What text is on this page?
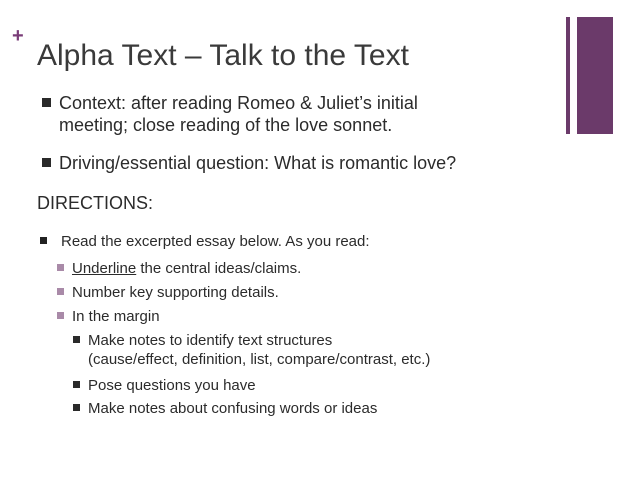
+
Alpha Text – Talk to the Text
Context: after reading Romeo & Juliet’s initial
meeting; close reading of the love sonnet.
Driving/essential question: What is romantic love?
DIRECTIONS:
Read the excerpted essay below. As you read:
Underline the central ideas/claims.
Number key supporting details.
In the margin
Make notes to identify text structures
(cause/effect, definition, list, compare/contrast, etc.)
Pose questions you have
Make notes about confusing words or ideas
